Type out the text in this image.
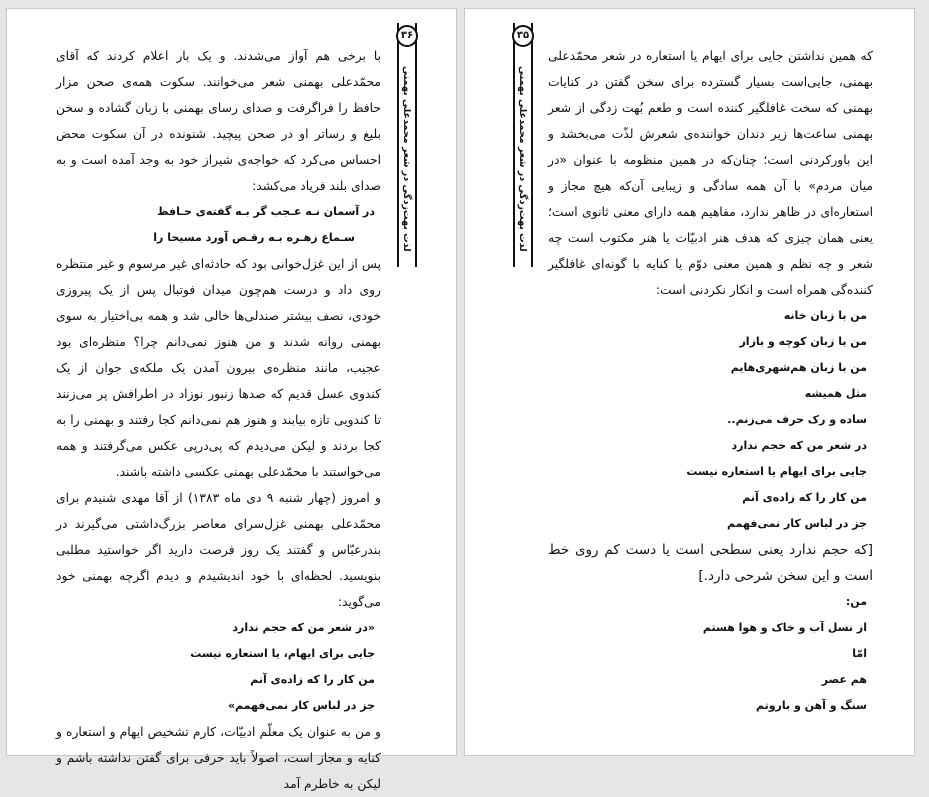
۳۶
لذت بهت‌زدگی در شعر محمدعلی بهمنی

با برخی هم آواز می‌شدند. و یک بار اعلام کردند که آقای محمّدعلی بهمنی شعر می‌خوانند. سکوت همه‌ی صحن مزار حافظ را فراگرفت و صدای رسای بهمنی با زبان گشاده و سخن بلیغ و رساتر او در صحن پیچید. شنونده در آن سکوت محض احساس می‌کرد که خواجه‌ی شیراز خود به وجد آمده است و به صدای بلند فریاد می‌کشد:

در آسمان نـه عـجب گر بـه گفته‌ی حـافظ

سـماع زهـره بـه رقـص آورد مسیحا را

پس از این غزل‌خوانی بود که حادثه‌ای غیر مرسوم و غیر منتظره روی داد و درست هم‌چون میدان فوتبال پس از یک پیروزی خودی، نصف بیشتر صندلی‌ها خالی شد و همه بی‌اختیار به سوی بهمنی روانه شدند و من هنوز نمی‌دانم چرا؟ منظره‌ای بود عجیب، مانند منظره‌ی بیرون آمدن یک ملکه‌ی جوان از یک کندوی عسل قدیم که صدها زنبور نوزاد در اطرافش پر می‌زنند تا کندویی تازه بیابند و هنوز هم نمی‌دانم کجا رفتند و بهمنی را به کجا بردند و لیکن می‌دیدم که پی‌درپی عکس می‌گرفتند و همه می‌خواستند با محمّدعلی بهمنی عکسی داشته باشند.

و امروز (چهار شنبه ۹ دی ماه ۱۳۸۳) از آقا مهدی شنیدم برای محمّدعلی بهمنی غزل‌سرای معاصر بزرگ‌داشتی می‌گیرند در بندرعبّاس و گفتند یک روز فرصت دارید اگر خواستید مطلبی بنویسید. لحظه‌ای با خود اندیشیدم و دیدم اگرچه بهمنی خود می‌گوید:

«در شعر من که حجم ندارد

جایی برای ایهام، یا استعاره نیست

من کار را که زاده‌ی آنم

جز در لباس کار نمی‌فهمم»

و من به عنوان یک معلّم ادبیّات، کارم تشخیص ایهام و استعاره و کنایه و مجاز است، اصولاً باید حرفی برای گفتن نداشته باشم و لیکن به خاطرم آمد

۳۵
لذت بهت‌زدگی در شعر محمدعلی بهمنی

که همین نداشتن جایی برای ایهام یا استعاره در شعر محمّدعلی بهمنی، جایی‌است بسیار گسترده برای سخن گفتن در کنایات بهمنی که سخت غافلگیر کننده است و طعم بُهت زدگی از شعر بهمنی ساعت‌ها زیر دندان خواننده‌ی شعرش لذّت می‌بخشد و این باورکردنی است؛ چنان‌که در همین منظومه با عنوان «در میان مردم» با آن همه سادگی و زیبایی آن‌که هیچ مجاز و استعاره‌ای در ظاهر ندارد، مفاهیم همه دارای معنی ثانوی است؛ یعنی همان چیزی که هدف هنر ادبیّات یا هنر مکتوب است چه شعر و چه نظم و همین معنی دوّم یا کنایه با گونه‌ای غافلگیر کننده‌گی همراه است و انکار نکردنی است:

من با زبان خانه

من با زبان کوچه و بازار

من با زبان هم‌شهری‌هایم

مثل همیشه

ساده و رک حرف می‌زنم..

در شعر من که حجم ندارد

جایی برای ایهام یا استعاره نیست

من کار را که زاده‌ی آنم

جز در لباس کار نمی‌فهمم

[که حجم ندارد یعنی سطحی است یا دست کم روی خط است و این سخن شرحی دارد.]

من:

از نسل آب و خاک و هوا هستم

امّا

هم عصر

سنگ و آهن و باروتم
